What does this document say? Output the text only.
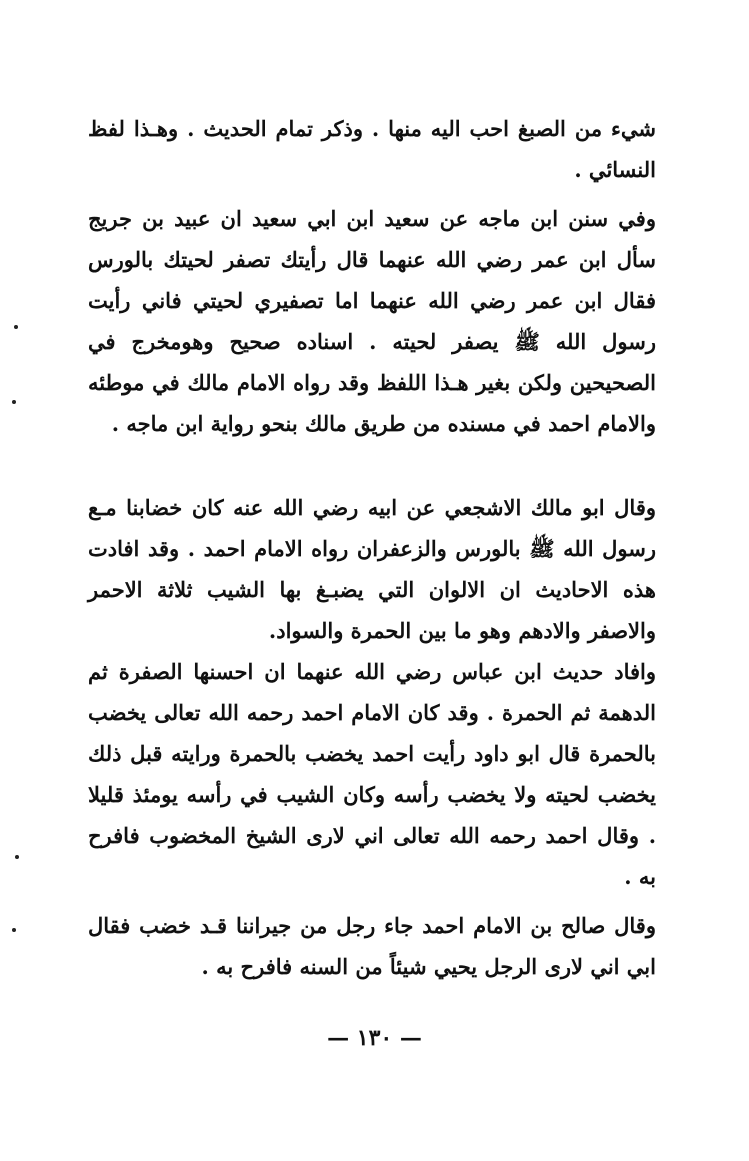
شيء من الصبغ احب اليه منها . وذكر تمام الحديث . وهـذا لفظ النسائي .
وفي سنن ابن ماجه عن سعيد ابن ابي سعيد ان عبيد بن جريج سأل ابن عمر رضي الله عنهما قال رأيتك تصفر لحيتك بالورس فقال ابن عمر رضي الله عنهما اما تصفيري لحيتي فاني رأيت رسول الله ﷺ يصفر لحيته . اسناده صحيح وهومخرج في الصحيحين ولكن بغير هـذا اللفظ وقد رواه الامام مالك في موطئه والامام احمد في مسنده من طريق مالك بنحو رواية ابن ماجه .
وقال ابو مالك الاشجعي عن ابيه رضي الله عنه كان خضابنا مـع رسول الله ﷺ بالورس والزعفران رواه الامام احمد . وقد افادت هذه الاحاديث ان الالوان التي يضبـغ بها الشيب ثلاثة الاحمر والاصفر والادهم وهو ما بين الحمرة والسواد.
وافاد حديث ابن عباس رضي الله عنهما ان احسنها الصفرة ثم الدهمة ثم الحمرة . وقد كان الامام احمد رحمه الله تعالى يخضب بالحمرة قال ابو داود رأيت احمد يخضب بالحمرة ورايته قبل ذلك يخضب لحيته ولا يخضب رأسه وكان الشيب في رأسه يومئذ قليلا . وقال احمد رحمه الله تعالى اني لارى الشيخ المخضوب فافرح به .
وقال صالح بن الامام احمد جاء رجل من جيراننا قـد خضب فقال ابي اني لارى الرجل يحيي شيئاً من السنه فافرح به .
— ١٣٠ —
